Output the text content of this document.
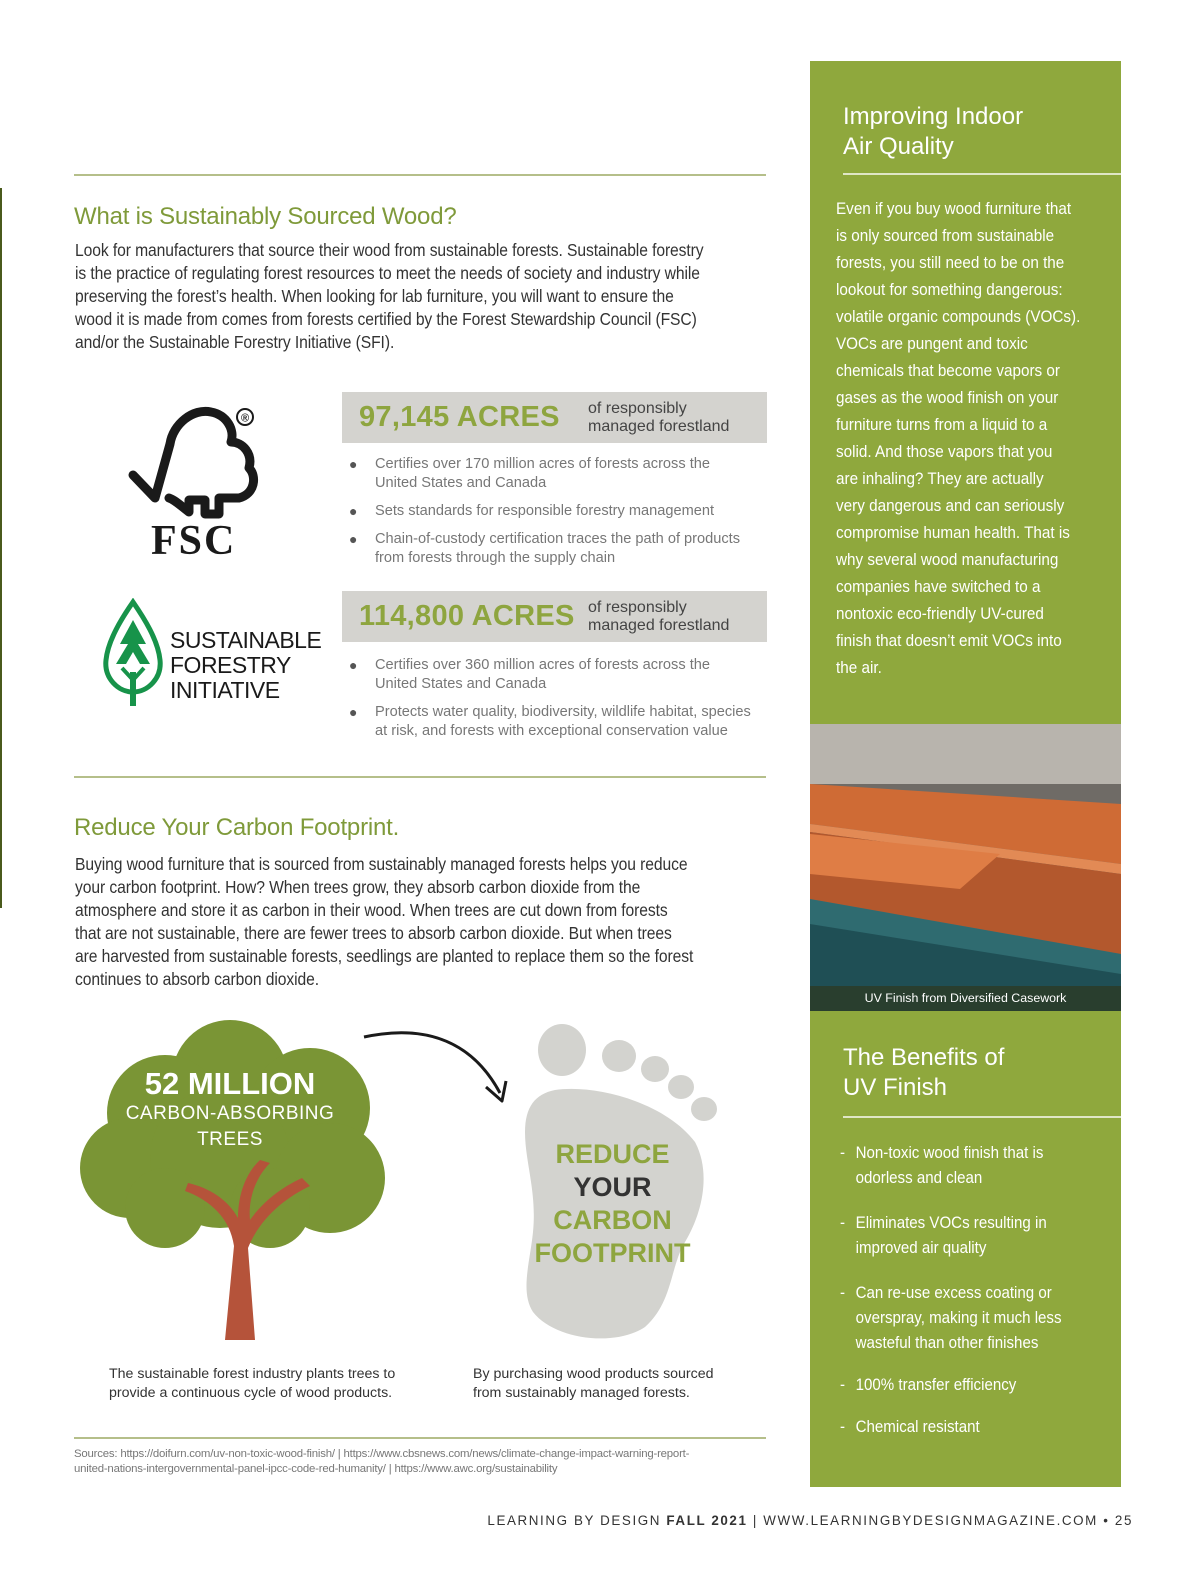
What is Sustainably Sourced Wood?
Look for manufacturers that source their wood from sustainable forests. Sustainable forestry
is the practice of regulating forest resources to meet the needs of society and industry while
preserving the forest’s health. When looking for lab furniture, you will want to ensure the
wood it is made from comes from forests certified by the Forest Stewardship Council (FSC)
and/or the Sustainable Forestry Initiative (SFI).
®
FSC
97,145 ACRES of responsibly
managed forestland
● Certifies over 170 million acres of forests across the
United States and Canada
● Sets standards for responsible forestry management
● Chain-of-custody certification traces the path of products
from forests through the supply chain
SUSTAINABLE
FORESTRY
INITIATIVE
114,800 ACRES of responsibly
managed forestland
● Certifies over 360 million acres of forests across the
United States and Canada
● Protects water quality, biodiversity, wildlife habitat, species
at risk, and forests with exceptional conservation value
Reduce Your Carbon Footprint.
Buying wood furniture that is sourced from sustainably managed forests helps you reduce
your carbon footprint. How? When trees grow, they absorb carbon dioxide from the
atmosphere and store it as carbon in their wood. When trees are cut down from forests
that are not sustainable, there are fewer trees to absorb carbon dioxide. But when trees
are harvested from sustainable forests, seedlings are planted to replace them so the forest
continues to absorb carbon dioxide.
52 MILLION
CARBON-ABSORBING
TREES	REDUCE
YOUR
CARBON
FOOTPRINT
The sustainable forest industry plants trees to
provide a continuous cycle of wood products.
By purchasing wood products sourced
from sustainably managed forests.
Sources: https://doifurn.com/uv-non-toxic-wood-finish/ | https://www.cbsnews.com/news/climate-change-impact-warning-report-
united-nations-intergovernmental-panel-ipcc-code-red-humanity/ | https://www.awc.org/sustainability
Improving Indoor
Air Quality
Even if you buy wood furniture that
is only sourced from sustainable
forests, you still need to be on the
lookout for something dangerous:
volatile organic compounds (VOCs).
VOCs are pungent and toxic
chemicals that become vapors or
gases as the wood finish on your
furniture turns from a liquid to a
solid. And those vapors that you
are inhaling? They are actually
very dangerous and can seriously
compromise human health. That is
why several wood manufacturing
companies have switched to a
nontoxic eco-friendly UV-cured
finish that doesn’t emit VOCs into
the air.
UV Finish from Diversified Casework
The Benefits of
UV Finish
- Non-toxic wood finish that is
odorless and clean
- Eliminates VOCs resulting in
improved air quality
- Can re-use excess coating or
overspray, making it much less
wasteful than other finishes
- 100% transfer efficiency
- Chemical resistant
LEARNING BY DESIGN FALL 2021 | WWW.LEARNINGBYDESIGNMAGAZINE.COM • 25
